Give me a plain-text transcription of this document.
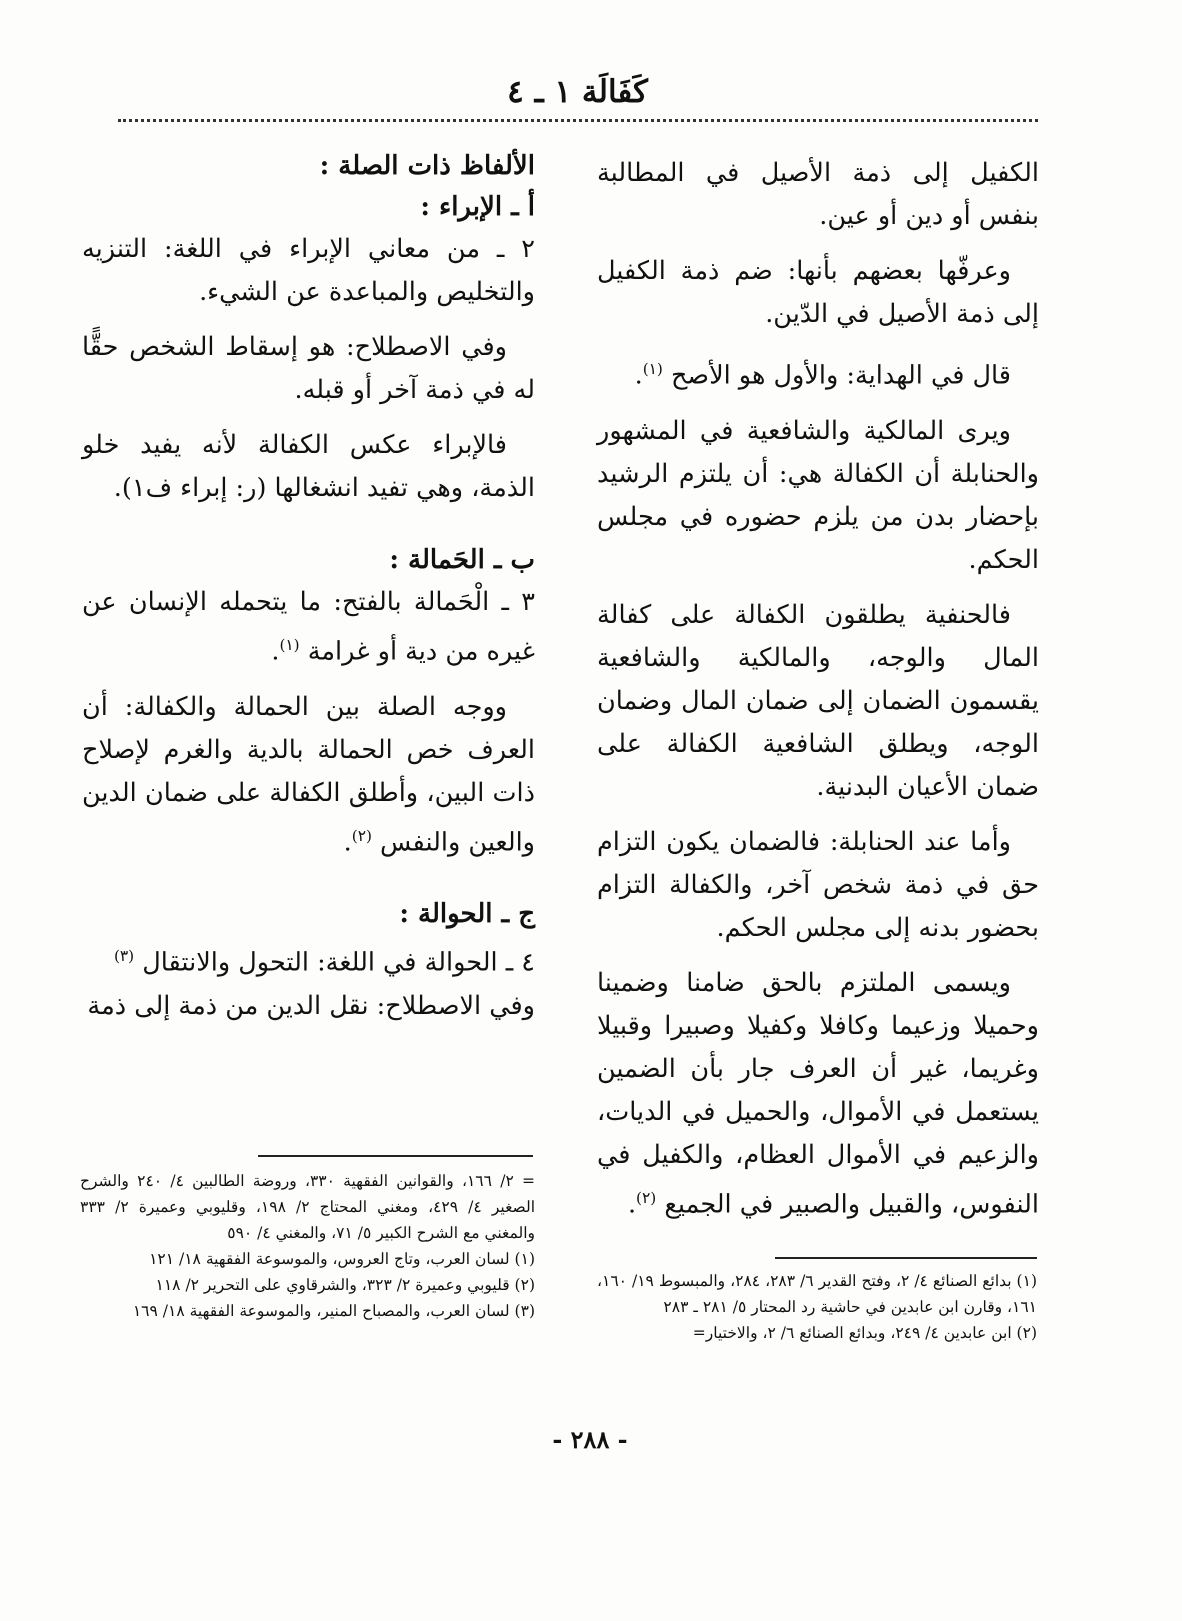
كَفَالَة ١ ـ ٤

الكفيل إلى ذمة الأصيل في المطالبة بنفس أو دين أو عين.

وعرفّها بعضهم بأنها: ضم ذمة الكفيل إلى ذمة الأصيل في الدّين.

قال في الهداية: والأول هو الأصح $^{(١)}$.

ويرى المالكية والشافعية في المشهور والحنابلة أن الكفالة هي: أن يلتزم الرشيد بإحضار بدن من يلزم حضوره في مجلس الحكم.

فالحنفية يطلقون الكفالة على كفالة المال والوجه، والمالكية والشافعية يقسمون الضمان إلى ضمان المال وضمان الوجه، ويطلق الشافعية الكفالة على ضمان الأعيان البدنية.

وأما عند الحنابلة: فالضمان يكون التزام حق في ذمة شخص آخر، والكفالة التزام بحضور بدنه إلى مجلس الحكم.

ويسمى الملتزم بالحق ضامنا وضمينا وحميلا وزعيما وكافلا وكفيلا وصبيرا وقبيلا وغريما، غير أن العرف جار بأن الضمين يستعمل في الأموال، والحميل في الديات، والزعيم في الأموال العظام، والكفيل في النفوس، والقبيل والصبير في الجميع $^{(٢)}$.

الألفاظ ذات الصلة :
أ ـ الإبراء :

٢ ـ من معاني الإبراء في اللغة: التنزيه والتخليص والمباعدة عن الشيء.

وفي الاصطلاح: هو إسقاط الشخص حقًّا له في ذمة آخر أو قبله.

فالإبراء عكس الكفالة لأنه يفيد خلو الذمة، وهي تفيد انشغالها (ر: إبراء ف١).

ب ـ الحَمالة :

٣ ـ الْحَمالة بالفتح: ما يتحمله الإنسان عن غيره من دية أو غرامة $^{(١)}$.

ووجه الصلة بين الحمالة والكفالة: أن العرف خص الحمالة بالدية والغرم لإصلاح ذات البين، وأطلق الكفالة على ضمان الدين والعين والنفس $^{(٢)}$.

ج ـ الحوالة :

٤ ـ الحوالة في اللغة: التحول والانتقال $^{(٣)}$

وفي الاصطلاح: نقل الدين من ذمة إلى ذمة

= ٢/ ١٦٦، والقوانين الفقهية ٣٣٠، وروضة الطالبين ٤/ ٢٤٠ والشرح الصغير ٤/ ٤٢٩، ومغني المحتاج ٢/ ١٩٨، وقليوبي وعميرة ٢/ ٣٣٣ والمغني مع الشرح الكبير ٥/ ٧١، والمغني ٤/ ٥٩٠
(١) لسان العرب، وتاج العروس، والموسوعة الفقهية ١٨/ ١٢١
(٢) قليوبي وعميرة ٢/ ٣٢٣، والشرقاوي على التحرير ٢/ ١١٨
(٣) لسان العرب، والمصباح المنير، والموسوعة الفقهية ١٨/ ١٦٩
(١) بدائع الصنائع ٤/ ٢، وفتح القدير ٦/ ٢٨٣، ٢٨٤، والمبسوط ١٩/ ١٦٠، ١٦١، وقارن ابن عابدين في حاشية رد المحتار ٥/ ٢٨١ ـ ٢٨٣
(٢) ابن عابدين ٤/ ٢٤٩، وبدائع الصنائع ٦/ ٢، والاختيار=
- ٢٨٨ -
